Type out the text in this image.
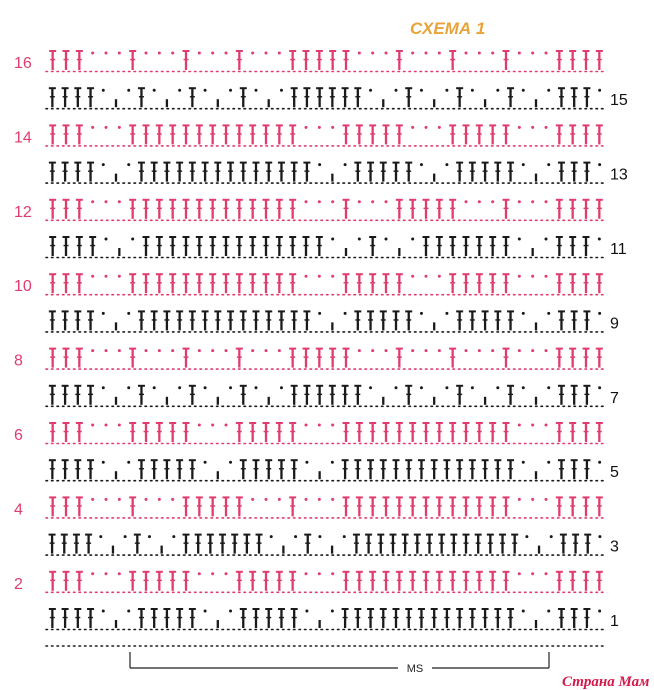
СХЕМА 1
1
2
3
4
5
6
7
8
9
10
11
12
13
14
15
16
MS
Страна Мам
